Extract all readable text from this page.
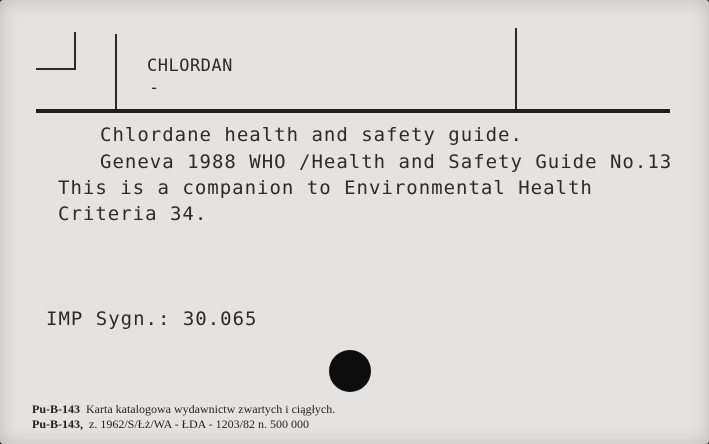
CHLORDAN
-
Chlordane health and safety guide.
Geneva 1988 WHO /Health and Safety Guide No.13
This is a companion to Environmental Health
Criteria 34.
IMP Sygn.: 30.065
Pu-B-143 Karta katalogowa wydawnictw zwartych i ciągłych.
Pu-B-143, z. 1962/S/Łż/WA - ŁDA - 1203/82 n. 500 000
